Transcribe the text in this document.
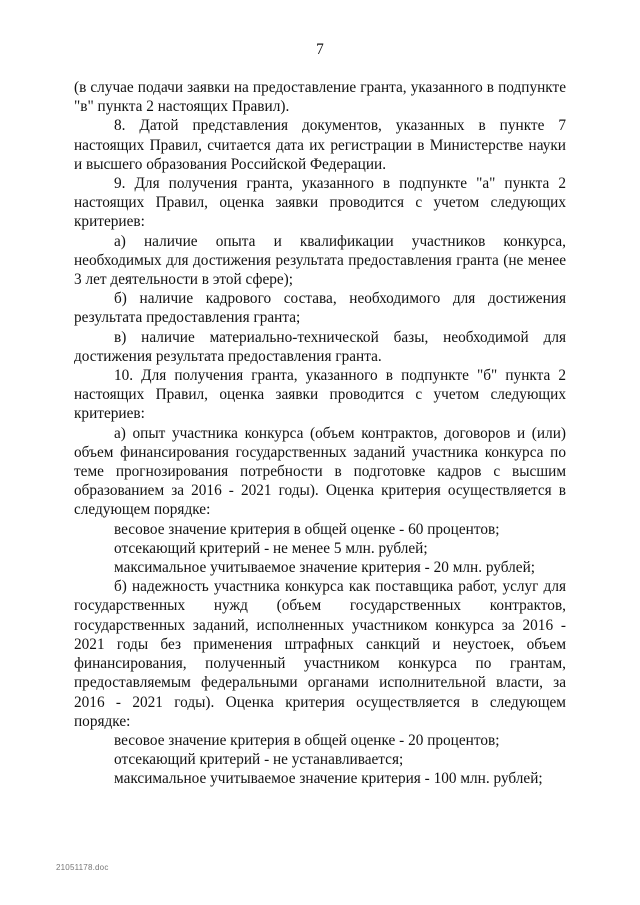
7

(в случае подачи заявки на предоставление гранта, указанного в подпункте "в" пункта 2 настоящих Правил).

8. Датой представления документов, указанных в пункте 7 настоящих Правил, считается дата их регистрации в Министерстве науки и высшего образования Российской Федерации.

9. Для получения гранта, указанного в подпункте "а" пункта 2 настоящих Правил, оценка заявки проводится с учетом следующих критериев:

а) наличие опыта и квалификации участников конкурса, необходимых для достижения результата предоставления гранта (не менее 3 лет деятельности в этой сфере);

б) наличие кадрового состава, необходимого для достижения результата предоставления гранта;

в) наличие материально-технической базы, необходимой для достижения результата предоставления гранта.

10. Для получения гранта, указанного в подпункте "б" пункта 2 настоящих Правил, оценка заявки проводится с учетом следующих критериев:

а) опыт участника конкурса (объем контрактов, договоров и (или) объем финансирования государственных заданий участника конкурса по теме прогнозирования потребности в подготовке кадров с высшим образованием за 2016 - 2021 годы). Оценка критерия осуществляется в следующем порядке:

весовое значение критерия в общей оценке - 60 процентов;

отсекающий критерий - не менее 5 млн. рублей;

максимальное учитываемое значение критерия - 20 млн. рублей;

б) надежность участника конкурса как поставщика работ, услуг для государственных нужд (объем государственных контрактов, государственных заданий, исполненных участником конкурса за 2016 - 2021 годы без применения штрафных санкций и неустоек, объем финансирования, полученный участником конкурса по грантам, предоставляемым федеральными органами исполнительной власти, за 2016 - 2021 годы). Оценка критерия осуществляется в следующем порядке:

весовое значение критерия в общей оценке - 20 процентов;

отсекающий критерий - не устанавливается;

максимальное учитываемое значение критерия - 100 млн. рублей;

21051178.doc
